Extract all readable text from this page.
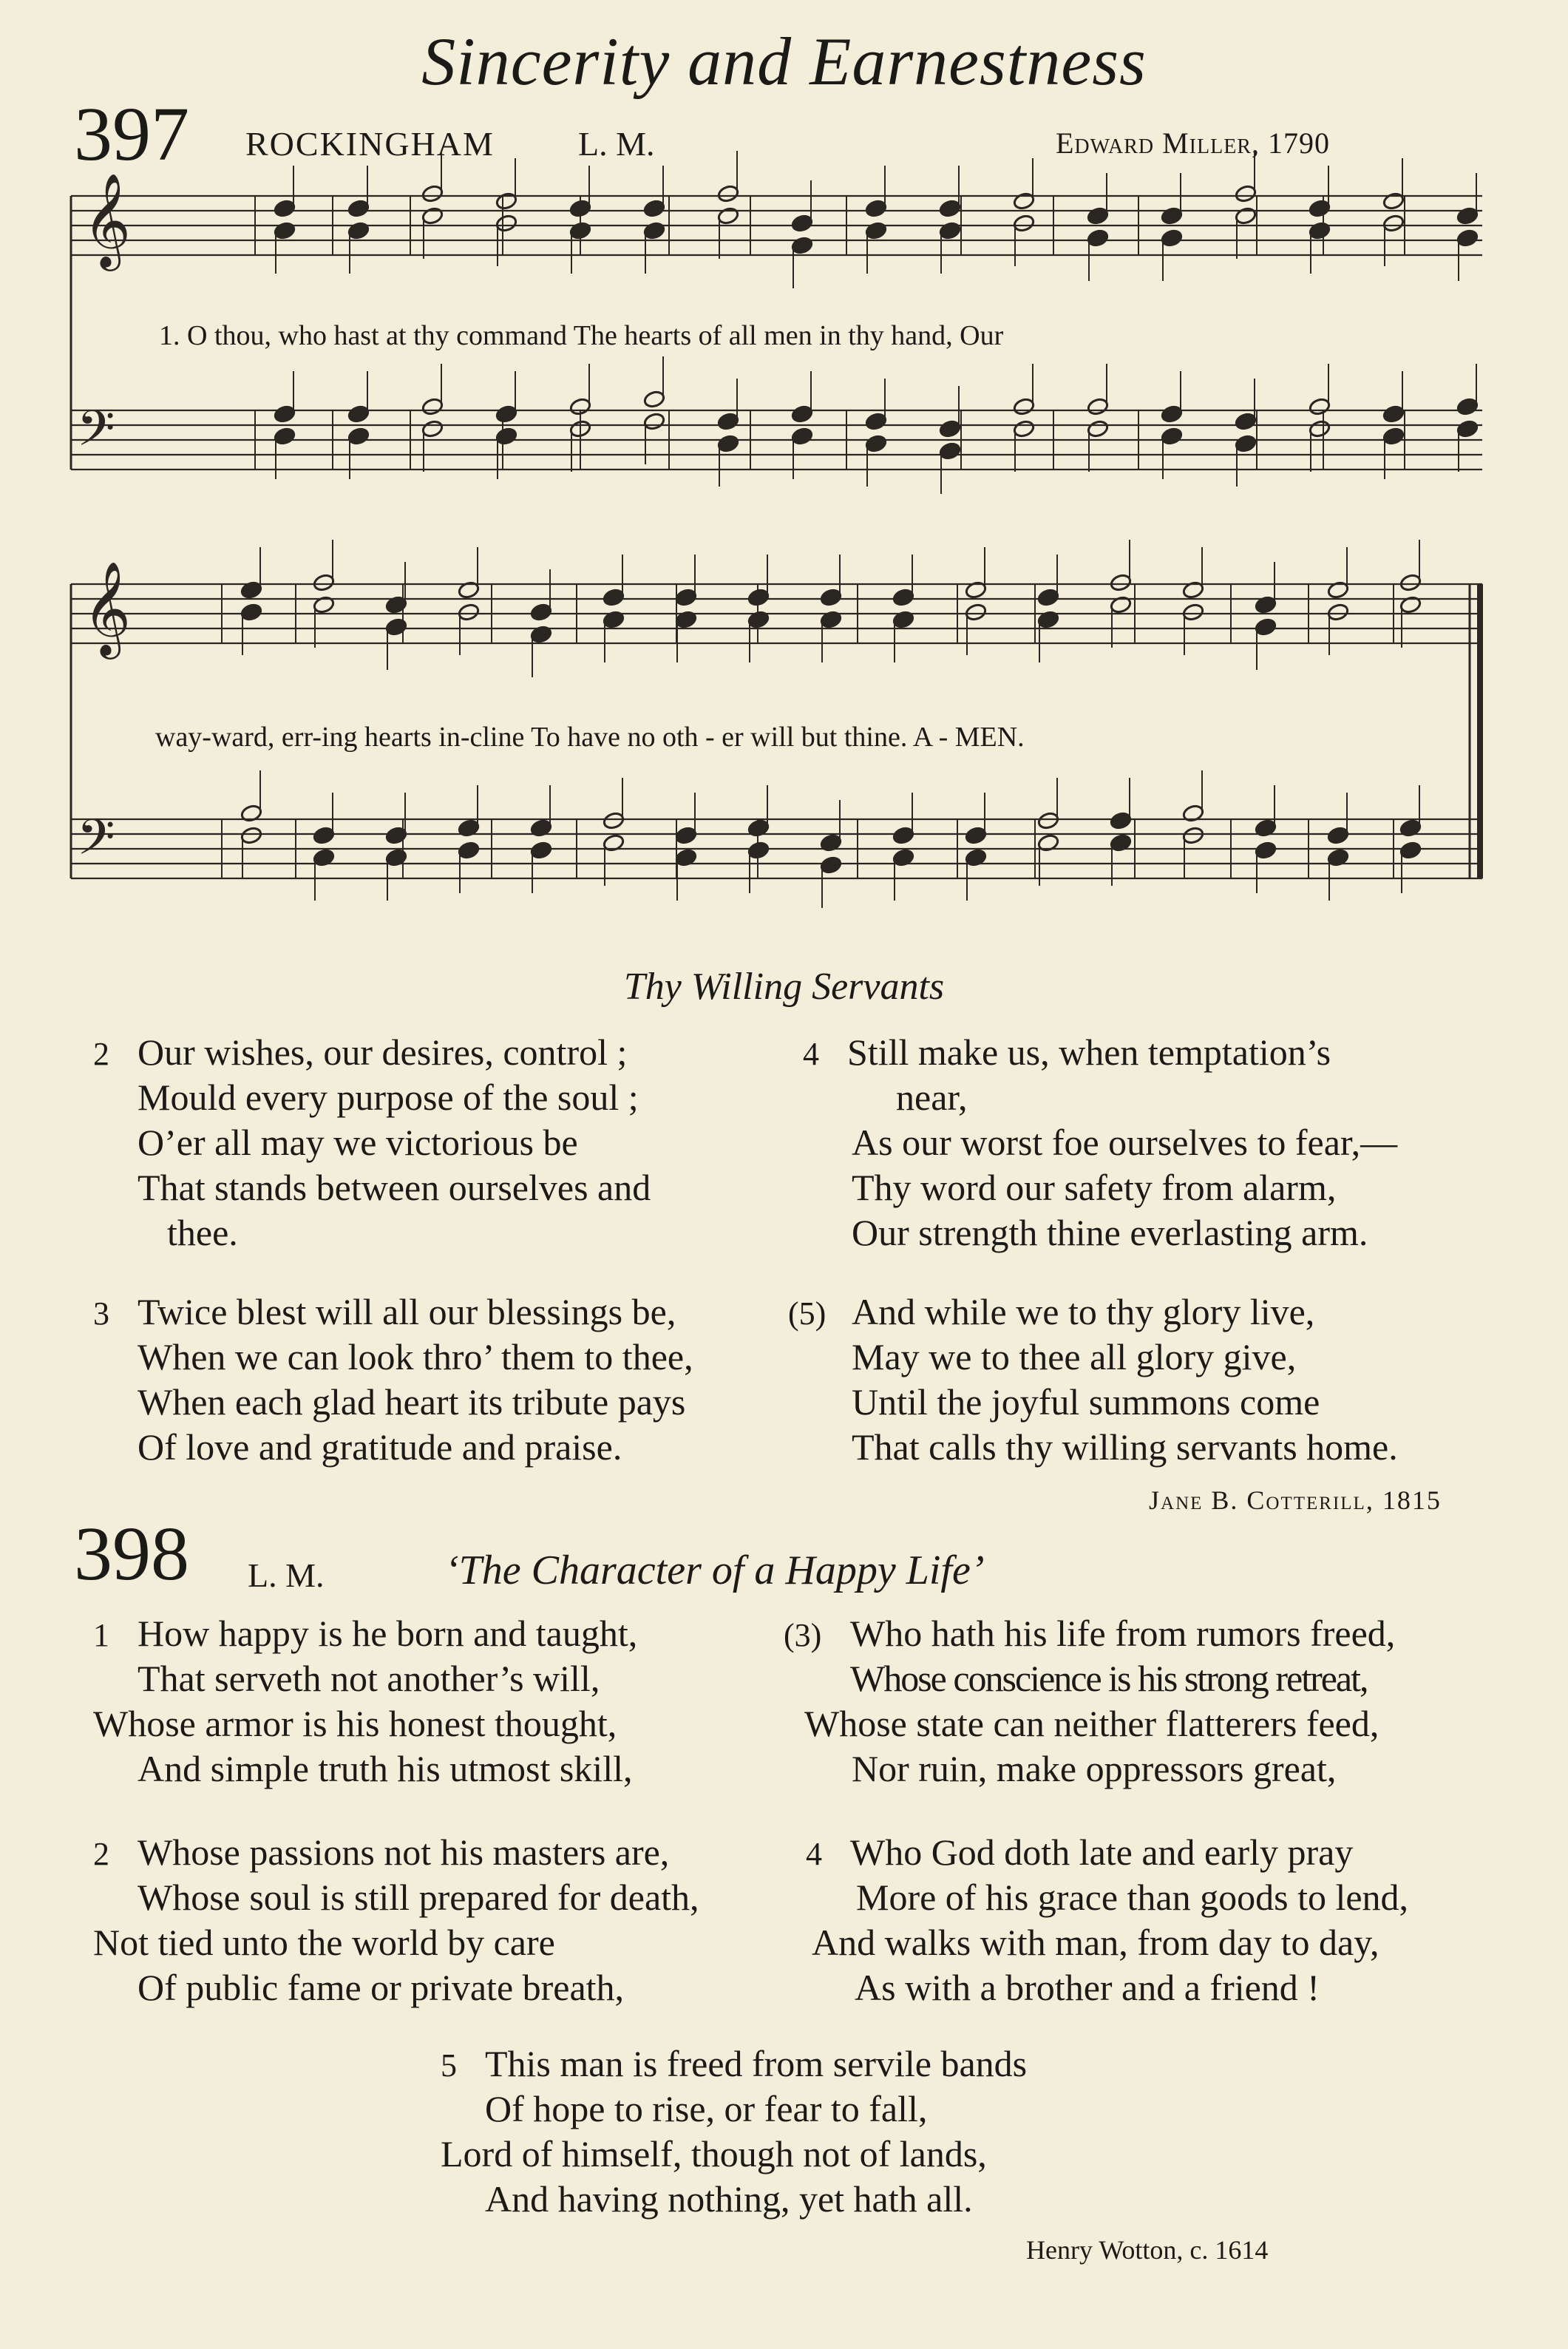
Sincerity and Earnestness
397 ROCKINGHAM L. M.	Edward Miller, 1790
𝄞
𝄞
𝄢
𝄢
1. O thou, who hast at thy command The hearts of all men in thy hand, Our
way-ward, err-ing hearts in-cline To have no oth - er will but thine. A - MEN.
Thy Willing Servants
2 Our wishes, our desires, control ;
Mould every purpose of the soul ;
O’er all may we victorious be
That stands between ourselves and
thee.
4 Still make us, when temptation’s
near,
As our worst foe ourselves to fear,—
Thy word our safety from alarm,
Our strength thine everlasting arm.
3 Twice blest will all our blessings be,
When we can look thro’ them to thee,
When each glad heart its tribute pays
Of love and gratitude and praise.
(5) And while we to thy glory live,
May we to thee all glory give,
Until the joyful summons come
That calls thy willing servants home.
Jane B. Cotterill, 1815
398 L. M.	‘The Character of a Happy Life’
1 How happy is he born and taught,
That serveth not another’s will,
Whose armor is his honest thought,
And simple truth his utmost skill,
(3) Who hath his life from rumors freed,
Whose conscience is his strong retreat,
Whose state can neither flatterers feed,
Nor ruin, make oppressors great,
2 Whose passions not his masters are,
Whose soul is still prepared for death,
Not tied unto the world by care
Of public fame or private breath,
4 Who God doth late and early pray
More of his grace than goods to lend,
And walks with man, from day to day,
As with a brother and a friend !
5 This man is freed from servile bands
Of hope to rise, or fear to fall,
Lord of himself, though not of lands,
And having nothing, yet hath all.
Henry Wotton, c. 1614
